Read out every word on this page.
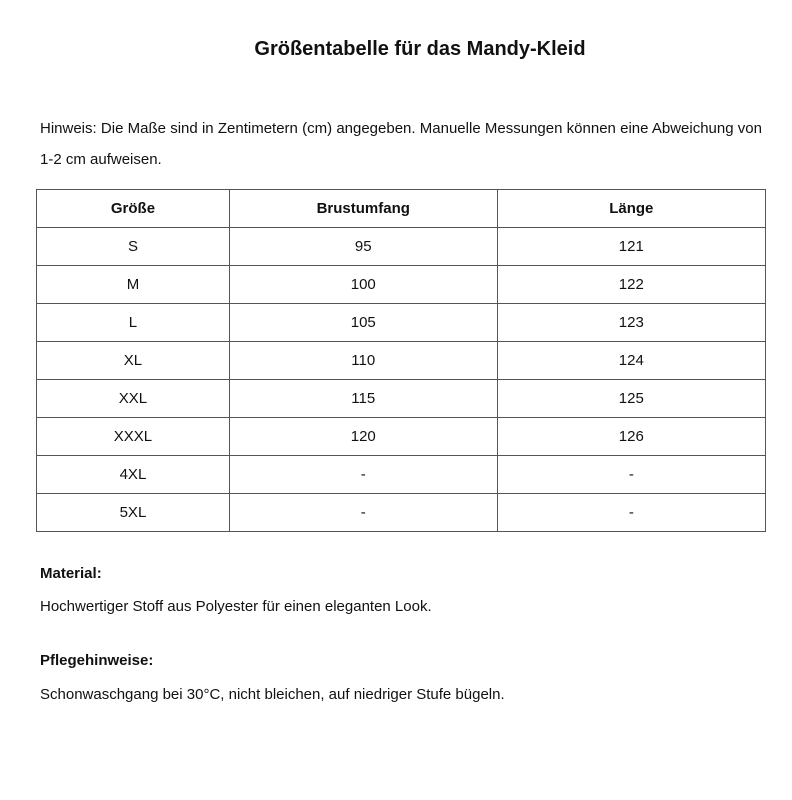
Größentabelle für das Mandy-Kleid
Hinweis: Die Maße sind in Zentimetern (cm) angegeben. Manuelle Messungen können eine Abweichung von 1-2 cm aufweisen.
Größe	Brustumfang	Länge
S	95	121
M	100	122
L	105	123
XL	110	124
XXL	115	125
XXXL	120	126
4XL	-	-
5XL	-	-
Material:
Hochwertiger Stoff aus Polyester für einen eleganten Look.
Pflegehinweise:
Schonwaschgang bei 30°C, nicht bleichen, auf niedriger Stufe bügeln.
